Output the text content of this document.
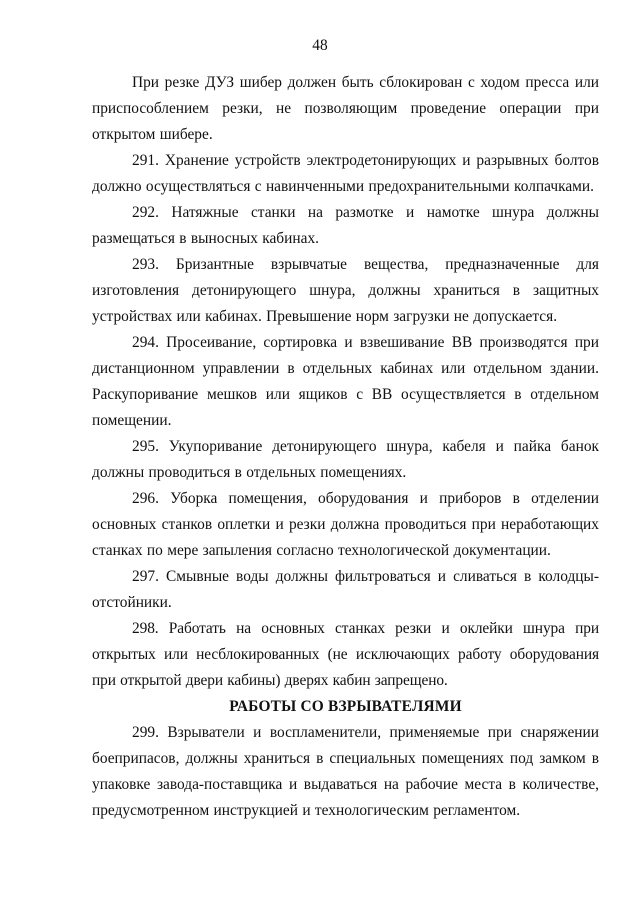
48

При резке ДУЗ шибер должен быть сблокирован с ходом пресса или приспособлением резки, не позволяющим проведение операции при открытом шибере.

291. Хранение устройств электродетонирующих и разрывных болтов должно осуществляться с навинченными предохранительными колпачками.

292. Натяжные станки на размотке и намотке шнура должны размещаться в выносных кабинах.

293. Бризантные взрывчатые вещества, предназначенные для изготовления детонирующего шнура, должны храниться в защитных устройствах или кабинах. Превышение норм загрузки не допускается.

294. Просеивание, сортировка и взвешивание ВВ производятся при дистанционном управлении в отдельных кабинах или отдельном здании. Раскупоривание мешков или ящиков с ВВ осуществляется в отдельном помещении.

295. Укупоривание детонирующего шнура, кабеля и пайка банок должны проводиться в отдельных помещениях.

296. Уборка помещения, оборудования и приборов в отделении основных станков оплетки и резки должна проводиться при неработающих станках по мере запыления согласно технологической документации.

297. Смывные воды должны фильтроваться и сливаться в колодцы-отстойники.

298. Работать на основных станках резки и оклейки шнура при открытых или несблокированных (не исключающих работу оборудования при открытой двери кабины) дверях кабин запрещено.

РАБОТЫ СО ВЗРЫВАТЕЛЯМИ

299. Взрыватели и воспламенители, применяемые при снаряжении боеприпасов, должны храниться в специальных помещениях под замком в упаковке завода-поставщика и выдаваться на рабочие места в количестве, предусмотренном инструкцией и технологическим регламентом.
